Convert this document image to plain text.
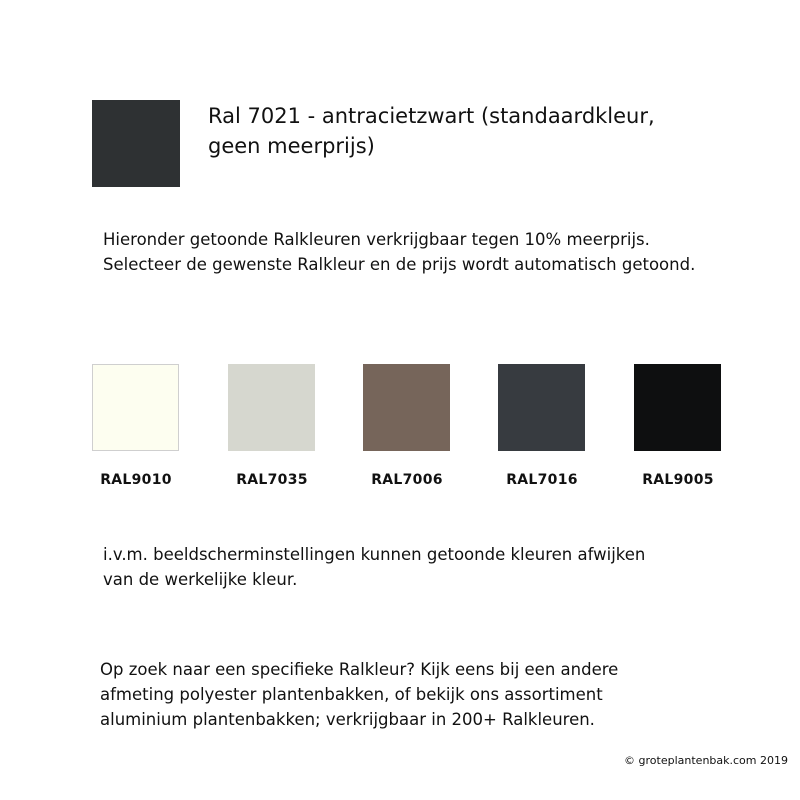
Ral 7021 - antracietzwart (standaardkleur,
geen meerprijs)
Hieronder getoonde Ralkleuren verkrijgbaar tegen 10% meerprijs.
Selecteer de gewenste Ralkleur en de prijs wordt automatisch getoond.
RAL9010	RAL7035	RAL7006	RAL7016	RAL9005
i.v.m. beeldscherminstellingen kunnen getoonde kleuren afwijken
van de werkelijke kleur.
Op zoek naar een specifieke Ralkleur? Kijk eens bij een andere
afmeting polyester plantenbakken, of bekijk ons assortiment
aluminium plantenbakken; verkrijgbaar in 200+ Ralkleuren.
© groteplantenbak.com 2019
